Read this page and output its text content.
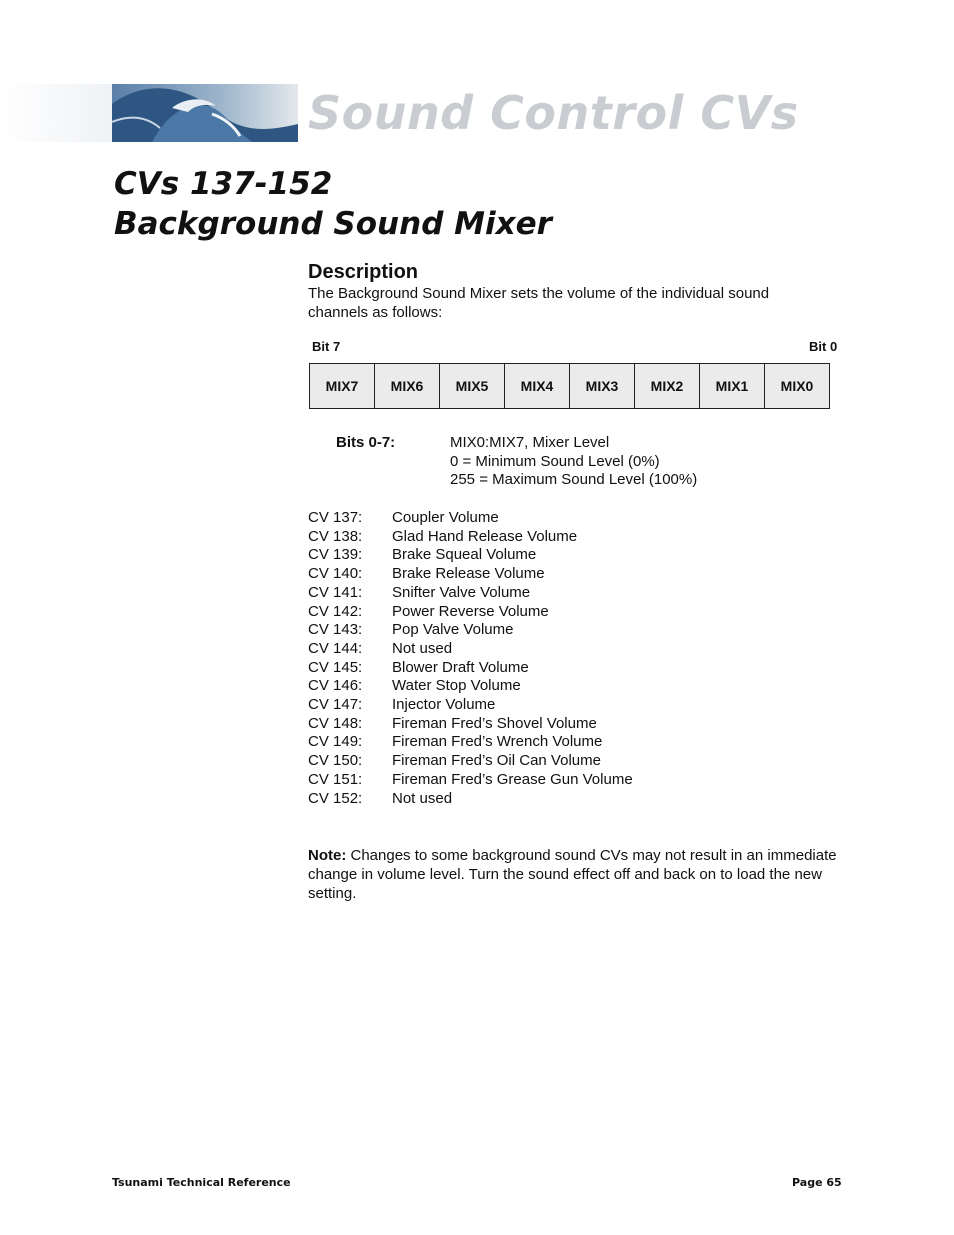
Sound Control CVs
CVs 137-152
Background Sound Mixer
Description
The Background Sound Mixer sets the volume of the individual sound channels as follows:
Bit 7	Bit 0
MIX7	MIX6	MIX5	MIX4	MIX3	MIX2	MIX1	MIX0
Bits 0-7:	MIX0:MIX7, Mixer Level
0 = Minimum Sound Level (0%)
255 = Maximum Sound Level (100%)
CV 137:	Coupler Volume
CV 138:	Glad Hand Release Volume
CV 139:	Brake Squeal Volume
CV 140:	Brake Release Volume
CV 141:	Snifter Valve Volume
CV 142:	Power Reverse Volume
CV 143:	Pop Valve Volume
CV 144:	Not used
CV 145:	Blower Draft Volume
CV 146:	Water Stop Volume
CV 147:	Injector Volume
CV 148:	Fireman Fred’s Shovel Volume
CV 149:	Fireman Fred’s Wrench Volume
CV 150:	Fireman Fred’s Oil Can Volume
CV 151:	Fireman Fred’s Grease Gun Volume
CV 152:	Not used
Note: Changes to some background sound CVs may not result in an immediate change in volume level. Turn the sound effect off and back on to load the new setting.
Tsunami Technical Reference	Page 65
